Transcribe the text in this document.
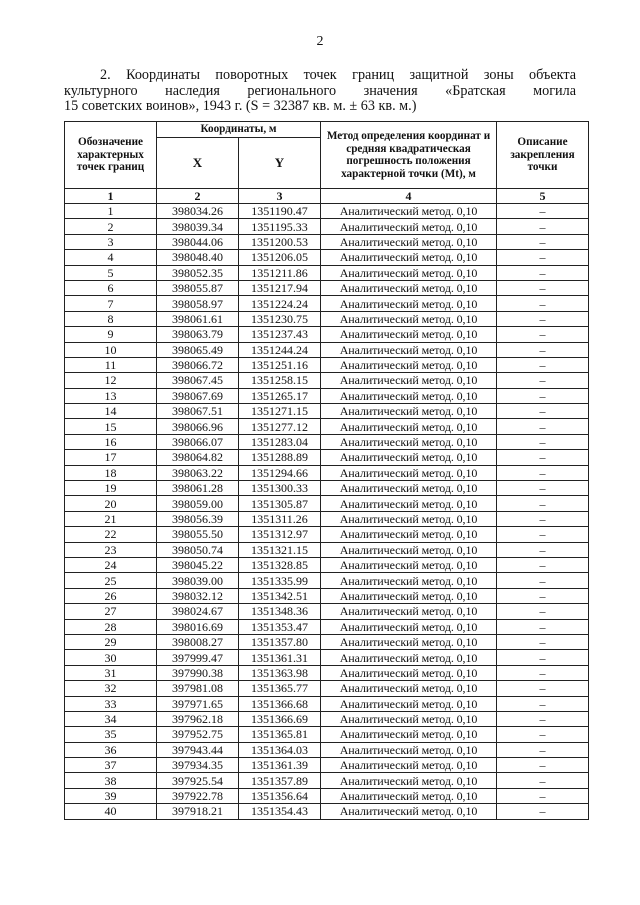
2
2. Координаты поворотных точек границ защитной зоны объекта
культурного наследия регионального значения «Братская могила
15 советских воинов», 1943 г. (S = 32387 кв. м. ± 63 кв. м.)
Обозначение характерных точек границ	Координаты, м		Метод определения координат и средняя квадратическая погрешность положения характерной точки (Mt), м	Описание закрепления точки
	X	Y		
1	2	3	4	5
1	398034.26	1351190.47	Аналитический метод. 0,10	–
2	398039.34	1351195.33	Аналитический метод. 0,10	–
3	398044.06	1351200.53	Аналитический метод. 0,10	–
4	398048.40	1351206.05	Аналитический метод. 0,10	–
5	398052.35	1351211.86	Аналитический метод. 0,10	–
6	398055.87	1351217.94	Аналитический метод. 0,10	–
7	398058.97	1351224.24	Аналитический метод. 0,10	–
8	398061.61	1351230.75	Аналитический метод. 0,10	–
9	398063.79	1351237.43	Аналитический метод. 0,10	–
10	398065.49	1351244.24	Аналитический метод. 0,10	–
11	398066.72	1351251.16	Аналитический метод. 0,10	–
12	398067.45	1351258.15	Аналитический метод. 0,10	–
13	398067.69	1351265.17	Аналитический метод. 0,10	–
14	398067.51	1351271.15	Аналитический метод. 0,10	–
15	398066.96	1351277.12	Аналитический метод. 0,10	–
16	398066.07	1351283.04	Аналитический метод. 0,10	–
17	398064.82	1351288.89	Аналитический метод. 0,10	–
18	398063.22	1351294.66	Аналитический метод. 0,10	–
19	398061.28	1351300.33	Аналитический метод. 0,10	–
20	398059.00	1351305.87	Аналитический метод. 0,10	–
21	398056.39	1351311.26	Аналитический метод. 0,10	–
22	398055.50	1351312.97	Аналитический метод. 0,10	–
23	398050.74	1351321.15	Аналитический метод. 0,10	–
24	398045.22	1351328.85	Аналитический метод. 0,10	–
25	398039.00	1351335.99	Аналитический метод. 0,10	–
26	398032.12	1351342.51	Аналитический метод. 0,10	–
27	398024.67	1351348.36	Аналитический метод. 0,10	–
28	398016.69	1351353.47	Аналитический метод. 0,10	–
29	398008.27	1351357.80	Аналитический метод. 0,10	–
30	397999.47	1351361.31	Аналитический метод. 0,10	–
31	397990.38	1351363.98	Аналитический метод. 0,10	–
32	397981.08	1351365.77	Аналитический метод. 0,10	–
33	397971.65	1351366.68	Аналитический метод. 0,10	–
34	397962.18	1351366.69	Аналитический метод. 0,10	–
35	397952.75	1351365.81	Аналитический метод. 0,10	–
36	397943.44	1351364.03	Аналитический метод. 0,10	–
37	397934.35	1351361.39	Аналитический метод. 0,10	–
38	397925.54	1351357.89	Аналитический метод. 0,10	–
39	397922.78	1351356.64	Аналитический метод. 0,10	–
40	397918.21	1351354.43	Аналитический метод. 0,10	–
